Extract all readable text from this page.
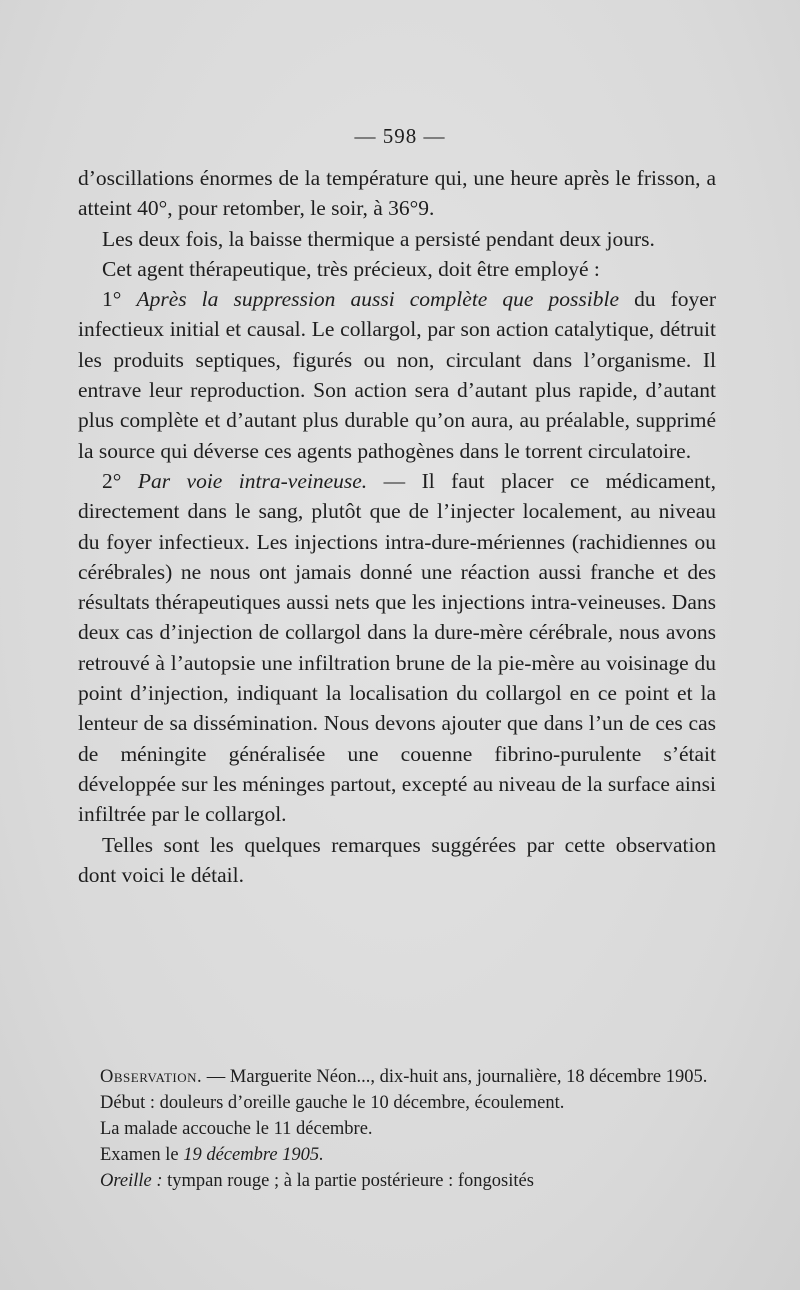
— 598 —

d’oscillations énormes de la température qui, une heure après le frisson, a atteint 40°, pour retomber, le soir, à 36°9.

Les deux fois, la baisse thermique a persisté pendant deux jours.

Cet agent thérapeutique, très précieux, doit être employé :

1° Après la suppression aussi complète que possible du foyer infectieux initial et causal. Le collargol, par son action catalytique, détruit les produits septiques, figurés ou non, circulant dans l’organisme. Il entrave leur reproduction. Son action sera d’autant plus rapide, d’autant plus complète et d’autant plus durable qu’on aura, au préalable, supprimé la source qui déverse ces agents pathogènes dans le torrent circulatoire.

2° Par voie intra-veineuse. — Il faut placer ce médicament, directement dans le sang, plutôt que de l’injecter localement, au niveau du foyer infectieux. Les injections intra-dure-mériennes (rachidiennes ou cérébrales) ne nous ont jamais donné une réaction aussi franche et des résultats thérapeutiques aussi nets que les injections intra-veineuses. Dans deux cas d’injection de collargol dans la dure-mère cérébrale, nous avons retrouvé à l’autopsie une infiltration brune de la pie-mère au voisinage du point d’injection, indiquant la localisation du collargol en ce point et la lenteur de sa dissémination. Nous devons ajouter que dans l’un de ces cas de méningite généralisée une couenne fibrino-purulente s’était développée sur les méninges partout, excepté au niveau de la surface ainsi infiltrée par le collargol.

Telles sont les quelques remarques suggérées par cette observation dont voici le détail.

Observation. — Marguerite Néon..., dix-huit ans, journalière, 18 décembre 1905.

Début : douleurs d’oreille gauche le 10 décembre, écoulement.

La malade accouche le 11 décembre.

Examen le 19 décembre 1905.

Oreille : tympan rouge ; à la partie postérieure : fongosités
